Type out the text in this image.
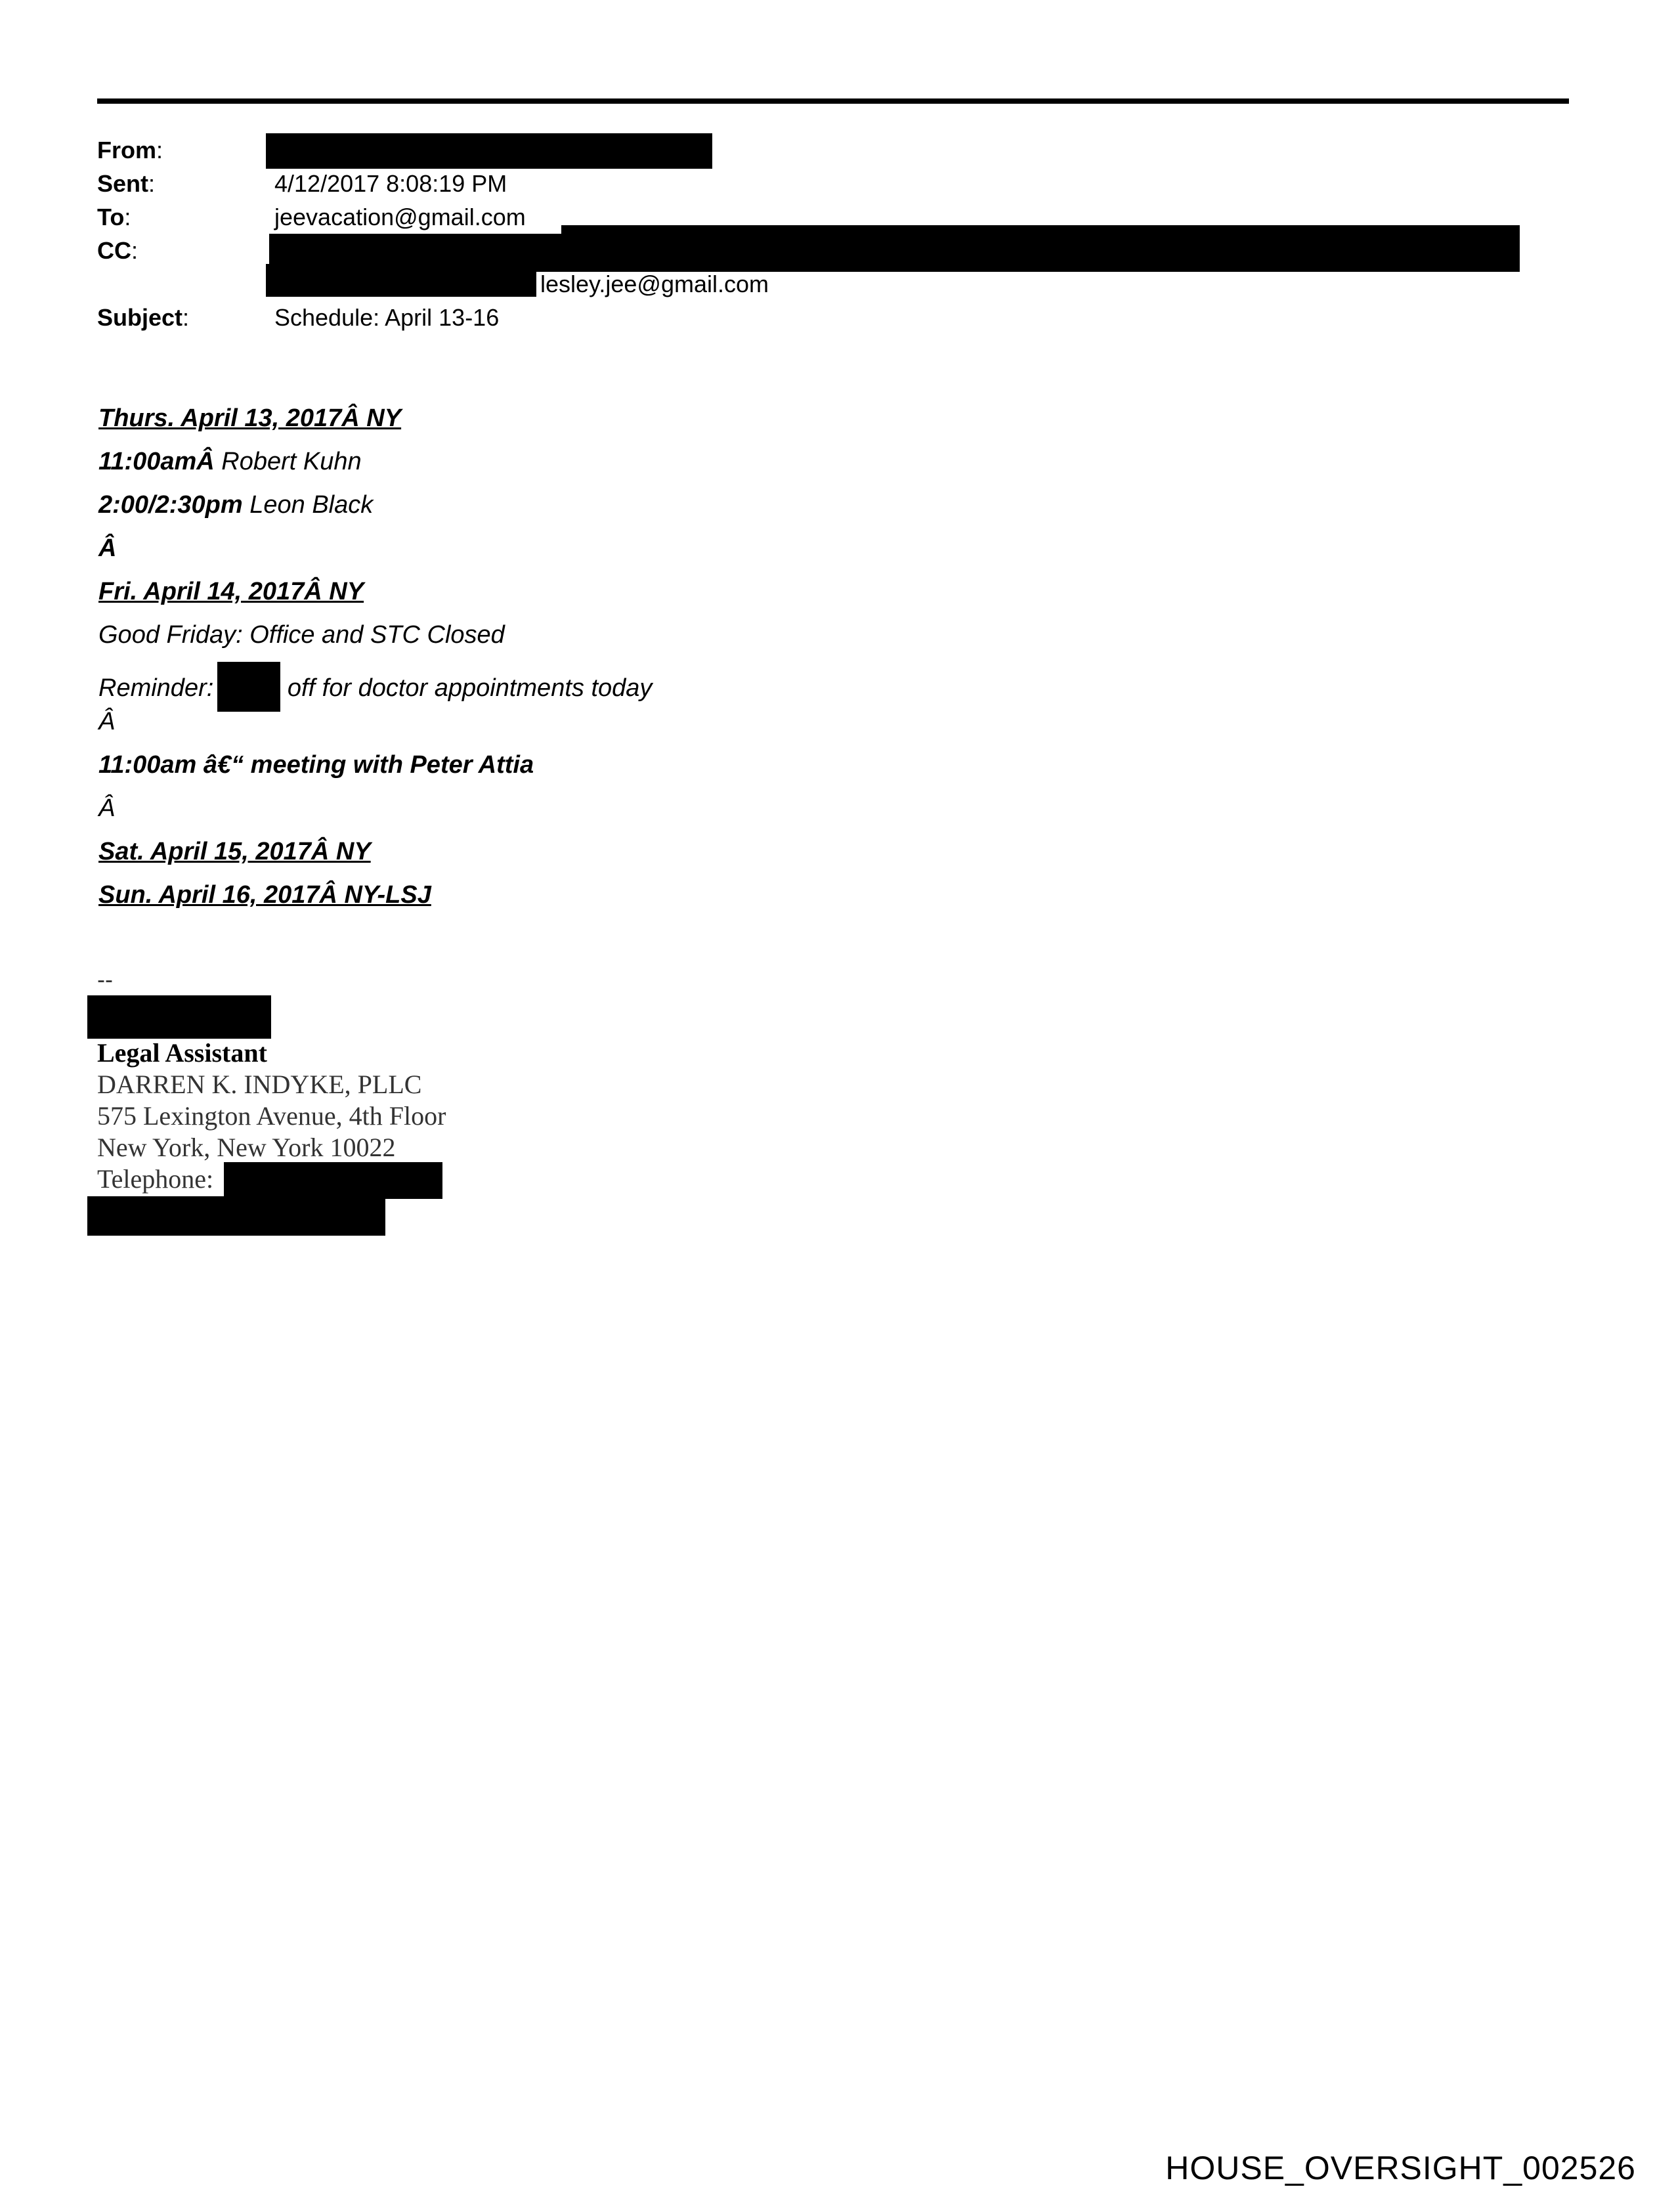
From:
Sent:	4/12/2017 8:08:19 PM
To:	jeevacation@gmail.com
CC:	;
lesley.jee@gmail.com
Subject:	Schedule: April 13-16
Thurs. April 13, 2017Â NY
11:00amÂ Robert Kuhn
2:00/2:30pm Leon Black
Â
Fri. April 14, 2017Â NY
Good Friday: Office and STC Closed
Reminder:	off for doctor appointments today
Â
11:00am â€“ meeting with Peter Attia
Â
Sat. April 15, 2017Â NY
Sun. April 16, 2017Â NY-LSJ
--
Legal Assistant
DARREN K. INDYKE, PLLC
575 Lexington Avenue, 4th Floor
New York, New York 10022
Telephone:
HOUSE_OVERSIGHT_002526
